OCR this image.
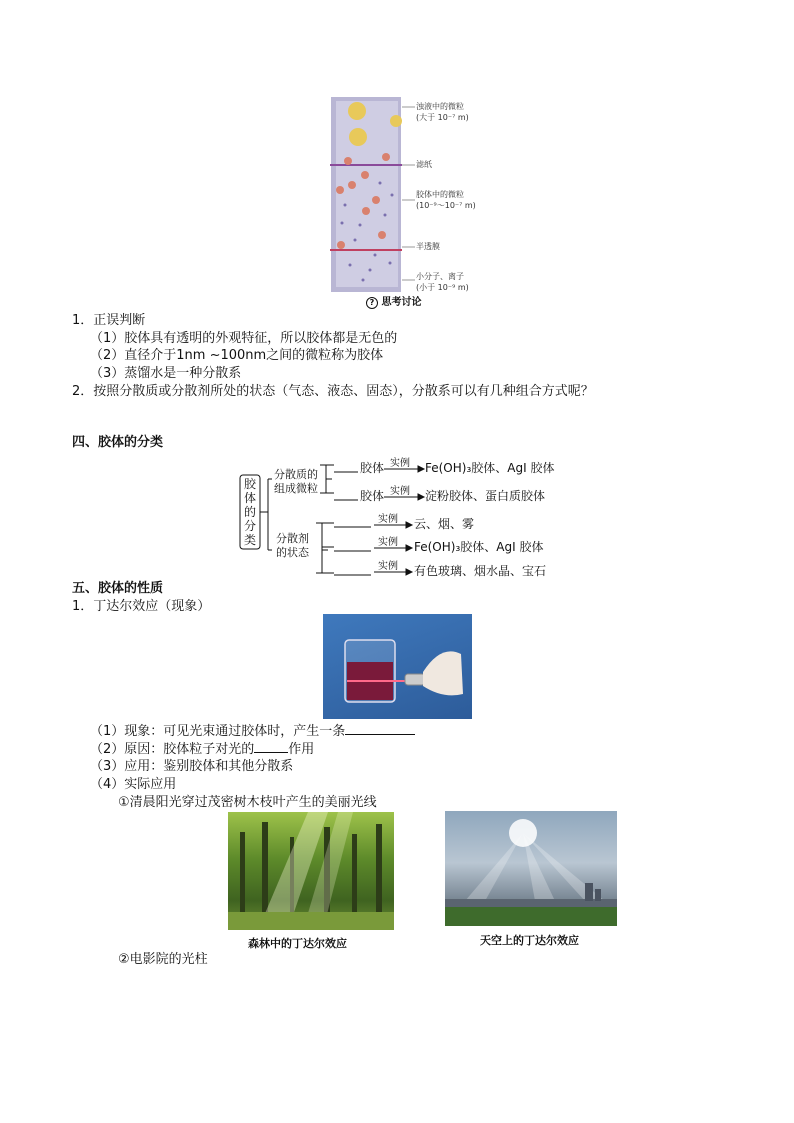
浊液中的微粒
(大于 10⁻⁷ m)
滤纸
胶体中的微粒
(10⁻⁹～10⁻⁷ m)
半透膜
小分子、离子
(小于 10⁻⁹ m)
? 思考讨论
1．正误判断
（1）胶体具有透明的外观特征，所以胶体都是无色的
（2）直径介于1nm ~100nm之间的微粒称为胶体
（3）蒸馏水是一种分散系
2．按照分散质或分散剂所处的状态（气态、液态、固态），分散系可以有几种组合方式呢？
四、胶体的分类
胶体的分类
分散质的
组成微粒
分散剂
的状态
胶体
胶体
实例
实例
实例
实例
实例
Fe(OH)₃胶体、AgI 胶体
淀粉胶体、蛋白质胶体
云、烟、雾
Fe(OH)₃胶体、AgI 胶体
有色玻璃、烟水晶、宝石
五、胶体的性质
1．丁达尔效应（现象）
（1）现象：可见光束通过胶体时，产生一条
（2）原因：胶体粒子对光的	作用
（3）应用：鉴别胶体和其他分散系
（4）实际应用
①清晨阳光穿过茂密树木枝叶产生的美丽光线
森林中的丁达尔效应	天空上的丁达尔效应
②电影院的光柱
